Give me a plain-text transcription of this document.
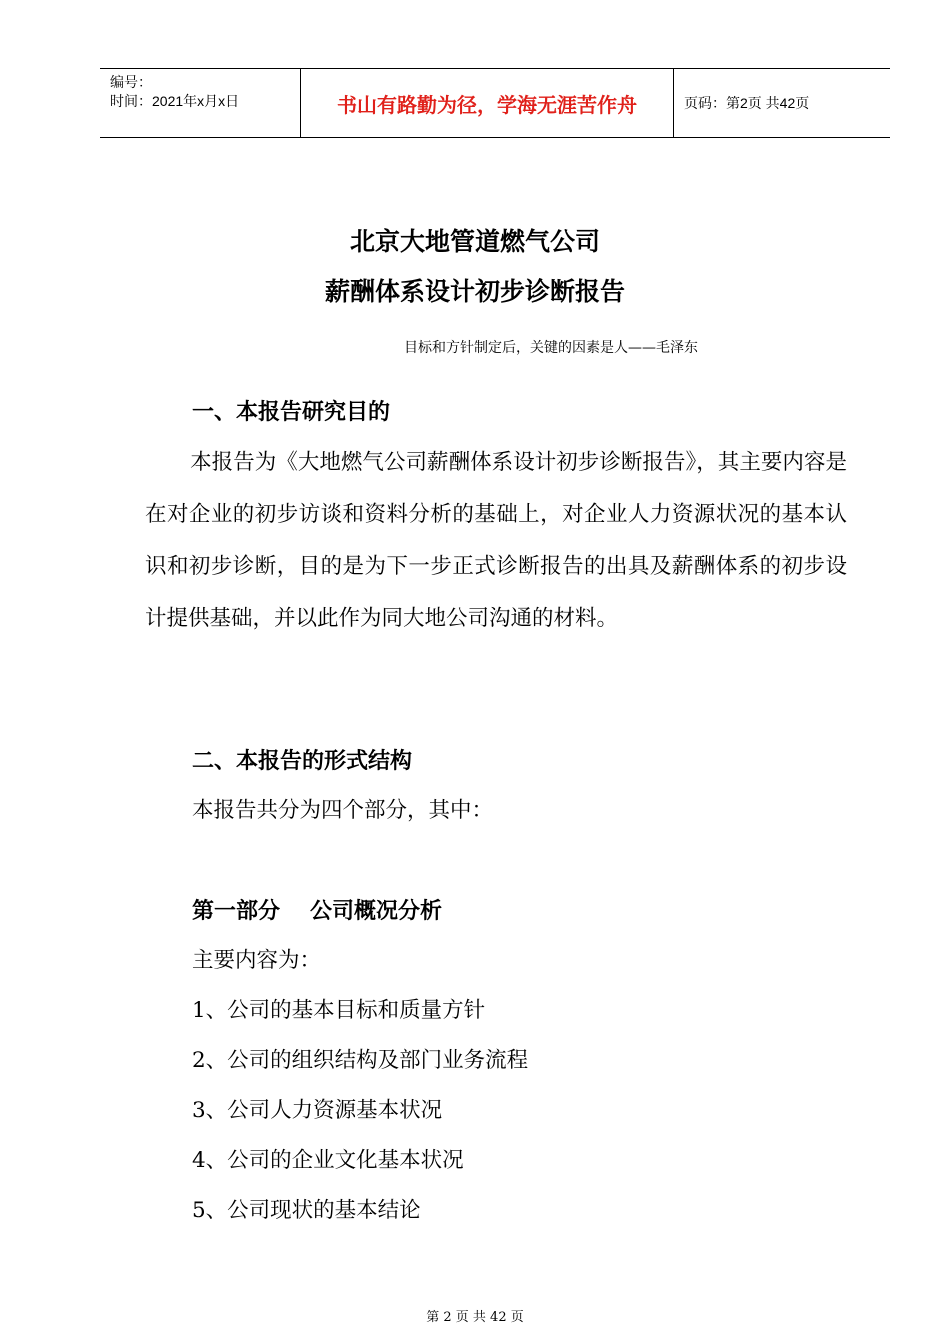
编号：
时间：2021年x月x日	书山有路勤为径，学海无涯苦作舟	页码：第2页 共42页
北京大地管道燃气公司
薪酬体系设计初步诊断报告
目标和方针制定后，关键的因素是人——毛泽东
一、本报告研究目的

本报告为《大地燃气公司薪酬体系设计初步诊断报告》，其主要内容是在对企业的初步访谈和资料分析的基础上，对企业人力资源状况的基本认识和初步诊断，目的是为下一步正式诊断报告的出具及薪酬体系的初步设计提供基础，并以此作为同大地公司沟通的材料。

二、本报告的形式结构
本报告共分为四个部分，其中：
第一部分 公司概况分析
主要内容为：
1、公司的基本目标和质量方针
2、公司的组织结构及部门业务流程
3、公司人力资源基本状况
4、公司的企业文化基本状况
5、公司现状的基本结论
第 2 页 共 42 页
